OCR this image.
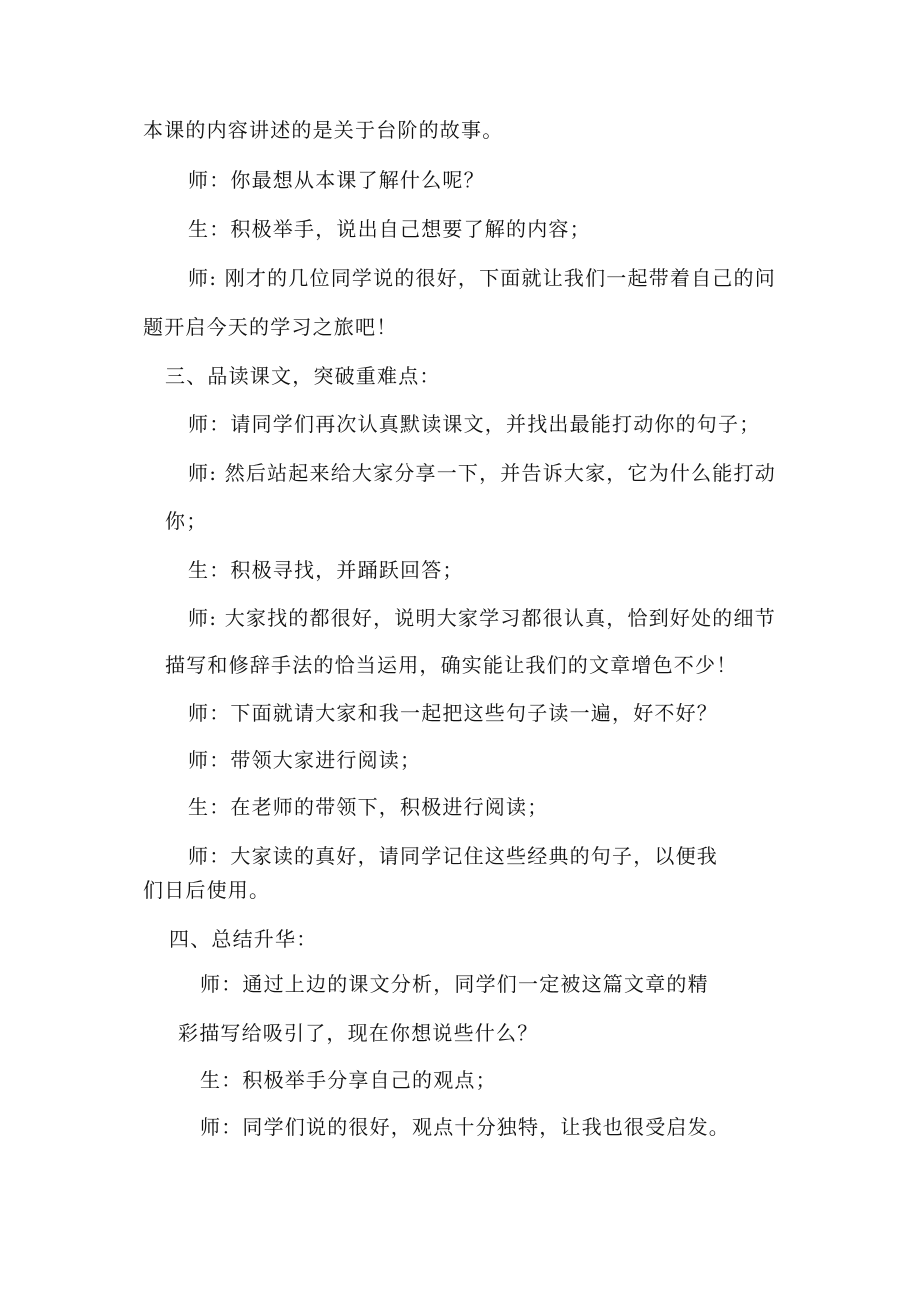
本课的内容讲述的是关于台阶的故事。
师：你最想从本课了解什么呢？
生：积极举手，说出自己想要了解的内容；
师: 刚才的几位同学说的很好，下面就让我们一起带着自己的问
题开启今天的学习之旅吧！
三、品读课文，突破重难点：
师：请同学们再次认真默读课文，并找出最能打动你的句子；
师: 然后站起来给大家分享一下，并告诉大家，它为什么能打动
你；
生：积极寻找，并踊跃回答；
师: 大家找的都很好，说明大家学习都很认真，恰到好处的细节
描写和修辞手法的恰当运用，确实能让我们的文章增色不少！
师：下面就请大家和我一起把这些句子读一遍，好不好？
师：带领大家进行阅读；
生：在老师的带领下，积极进行阅读；
师：大家读的真好，请同学记住这些经典的句子，以便我
们日后使用。
四、总结升华：
师：通过上边的课文分析，同学们一定被这篇文章的精
彩描写给吸引了，现在你想说些什么？
生：积极举手分享自己的观点；
师：同学们说的很好，观点十分独特，让我也很受启发。
